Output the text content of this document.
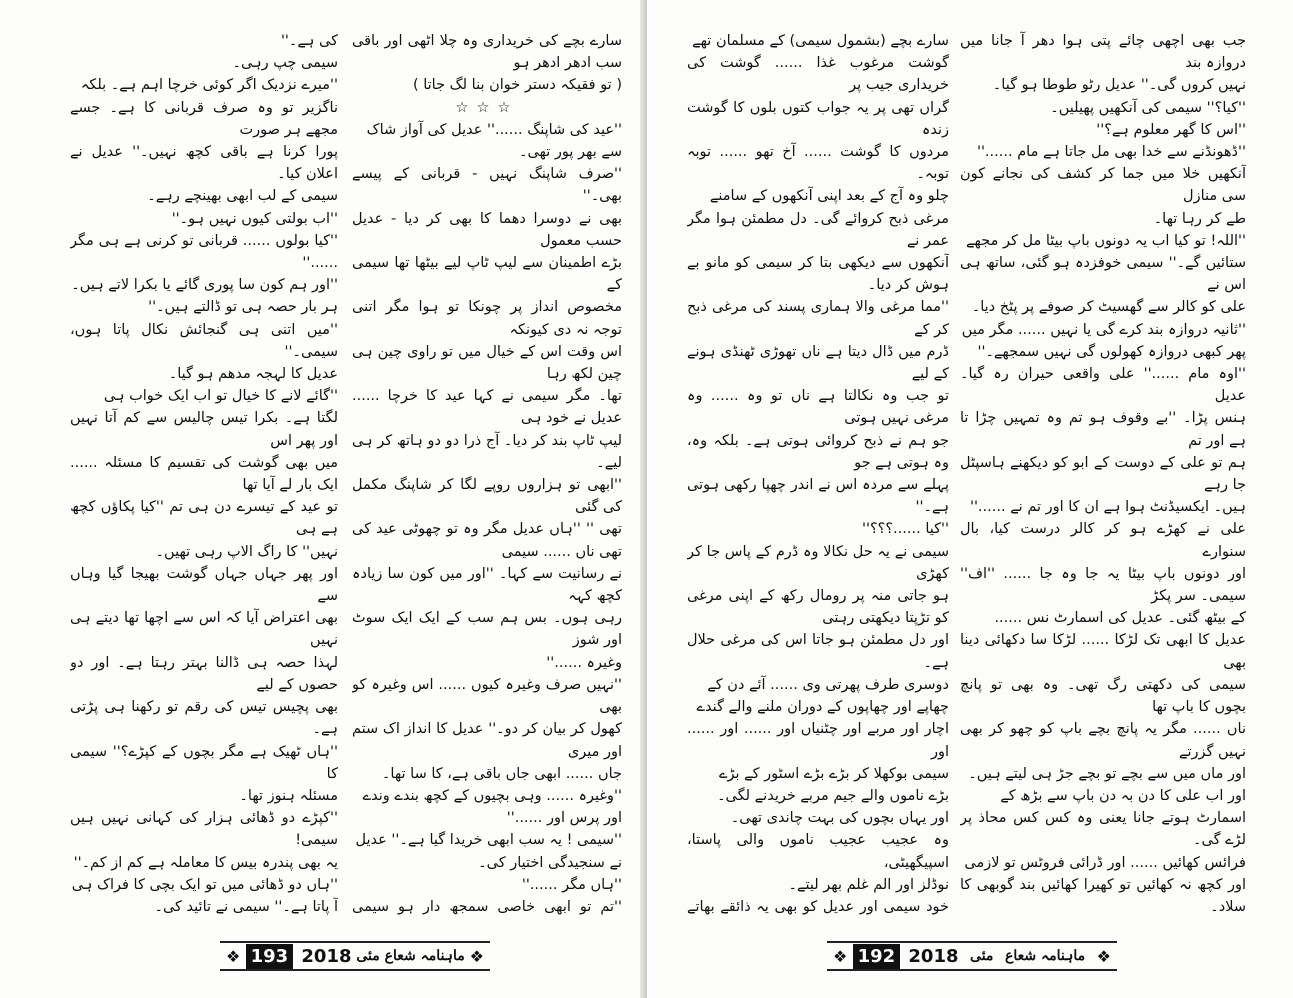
سارے بچے کی خریداری وہ چلا اٹھی اور باقی سب ادھر ادھر ہو

( تو فقیکہ دستر خوان بنا لگ جاتا )

☆☆☆

''عید کی شاپنگ ......'' عدیل کی آواز شاک

سے بھر پور تھی۔

''صرف شاپنگ نہیں - قربانی کے پیسے بھی۔''

بھی نے دوسرا دھما کا بھی کر دیا - عدیل حسب معمول

بڑے اطمینان سے لیپ ٹاپ لیے بیٹھا تھا سیمی کے

مخصوص انداز پر چونکا تو ہوا مگر اتنی توجہ نہ دی کیونکہ

اس وقت اس کے خیال میں تو راوی چین ہی چین لکھ رہا

تھا۔ مگر سیمی نے کہا عید کا خرچا ...... عدیل نے خود ہی

لیپ ٹاپ بند کر دیا۔ آج ذرا دو دو ہاتھ کر ہی لیے۔

''ابھی تو ہزاروں روپے لگا کر شاپنگ مکمل کی گئی

تھی '' ''ہاں عدیل مگر وہ تو چھوٹی عید کی تھی ناں ...... سیمی

نے رسانیت سے کہا۔ ''اور میں کون سا زیادہ کچھ کہہ

رہی ہوں۔ بس ہم سب کے ایک ایک سوٹ اور شوز

وغیرہ ......''

''نہیں صرف وغیرہ کیوں ...... اس وغیرہ کو بھی

کھول کر بیان کر دو۔'' عدیل کا انداز اک ستم اور میری

جاں ...... ابھی جاں باقی ہے، کا سا تھا۔

''وغیرہ ...... وہی بچیوں کے کچھ بندے وندے

اور پرس اور ......''

''سیمی ! یہ سب ابھی خریدا گیا ہے۔'' عدیل

نے سنجیدگی اختیار کی۔

''ہاں مگر ......''

''تم تو ابھی خاصی سمجھ دار ہو سیمی

کی ہے۔''

سیمی چپ رہی۔

''میرے نزدیک اگر کوئی خرچا اہم ہے۔ بلکہ

ناگزیر تو وہ صرف قربانی کا ہے۔ جسے مجھے ہر صورت

پورا کرنا ہے باقی کچھ نہیں۔'' عدیل نے اعلان کیا۔

سیمی کے لب ابھی بھینچے رہے۔

''اب بولتی کیوں نہیں ہو۔''

''کیا بولوں ...... قربانی تو کرنی ہے ہی مگر ......''

''اور ہم کون سا پوری گائے یا بکرا لاتے ہیں۔

ہر بار حصہ ہی تو ڈالتے ہیں۔''

''میں اتنی ہی گنجائش نکال پاتا ہوں، سیمی۔''

عدیل کا لہجہ مدھم ہو گیا۔

''گائے لانے کا خیال تو اب ایک خواب ہی

لگتا ہے۔ بکرا تیس چالیس سے کم آتا نہیں اور پھر اس

میں بھی گوشت کی تقسیم کا مسئلہ ...... ایک بار لے آیا تھا

تو عید کے تیسرے دن ہی تم ''کیا پکاؤں کچھ ہے ہی

نہیں'' کا راگ الاپ رہی تھیں۔

اور پھر جہاں جہاں گوشت بھیجا گیا وہاں سے

بھی اعتراض آیا کہ اس سے اچھا تھا دیتے ہی نہیں

لہذا حصہ ہی ڈالنا بہتر رہتا ہے۔ اور دو حصوں کے لیے

بھی پچیس تیس کی رقم تو رکھنا ہی پڑتی ہے۔

''ہاں ٹھیک ہے مگر بچوں کے کپڑے؟'' سیمی کا

مسئلہ ہنوز تھا۔

''کپڑے دو ڈھائی ہزار کی کہانی نہیں ہیں سیمی!

یہ بھی پندرہ بیس کا معاملہ ہے کم از کم۔''

''ہاں دو ڈھائی میں تو ایک بچی کا فراک ہی

آ پاتا ہے۔'' سیمی نے تائید کی۔

❖ 193 2018 مئی ماہنامہ شعاع ❖

جب بھی اچھی چائے پتی ہوا دھر آ جانا میں دروازہ بند

نہیں کروں گی۔'' عدیل رٹو طوطا ہو گیا۔

''کیا؟'' سیمی کی آنکھیں پھیلیں۔

''اس کا گھر معلوم ہے؟''

''ڈھونڈنے سے خدا بھی مل جاتا ہے مام ......''

آنکھیں خلا میں جما کر کشف کی نجانے کون سی منازل

طے کر رہا تھا۔

''اللہ! تو کیا اب یہ دونوں باپ بیٹا مل کر مجھے

ستائیں گے۔'' سیمی خوفزدہ ہو گئی، ساتھ ہی اس نے

علی کو کالر سے گھسیٹ کر صوفے پر پٹخ دیا۔

''ثانیہ دروازہ بند کرے گی یا نہیں ...... مگر میں

پھر کبھی دروازہ کھولوں گی نہیں سمجھے۔''

''اوہ مام ......'' علی واقعی حیران رہ گیا۔ عدیل

ہنس پڑا۔ ''بے وقوف ہو تم وہ تمہیں چڑا تا ہے اور تم

ہم تو علی کے دوست کے ابو کو دیکھنے ہاسپٹل جا رہے

ہیں۔ ایکسیڈنٹ ہوا ہے ان کا اور تم نے ......''

علی نے کھڑے ہو کر کالر درست کیا، بال سنوارے

اور دونوں باپ بیٹا یہ جا وہ جا ...... ''اف'' سیمی۔ سر پکڑ

کے بیٹھ گئی۔ عدیل کی اسمارٹ نس ......

عدیل کا ابھی تک لڑکا ...... لڑکا سا دکھائی دینا بھی

سیمی کی دکھتی رگ تھی۔ وہ بھی تو پانچ بچوں کا باپ تھا

ناں ...... مگر یہ پانچ بچے باپ کو چھو کر بھی نہیں گزرتے

اور ماں میں سے بچے تو بچے جڑ ہی لیتے ہیں۔

اور اب علی کا دن بہ دن باپ سے بڑھ کے

اسمارٹ ہوتے جانا یعنی وہ کس کس محاذ پر لڑے گی۔

فرائس کھائیں ...... اور ڈرائی فروٹس تو لازمی

اور کچھ نہ کھائیں تو کھیرا کھائیں بند گوبھی کا سلاد۔

سارے بچے (بشمول سیمی) کے مسلمان تھے

گوشت مرغوب غذا ...... گوشت کی خریداری جیب پر

گراں تھی پر یہ جواب کتوں بلوں کا گوشت زندہ

مردوں کا گوشت ...... آخ تھو ...... توبہ توبہ۔

چلو وہ آج کے بعد اپنی آنکھوں کے سامنے

مرغی ذبح کروائے گی۔ دل مطمئن ہوا مگر عمر نے

آنکھوں سے دیکھی بتا کر سیمی کو مانو بے ہوش کر دیا۔

''مما مرغی والا ہماری پسند کی مرغی ذبح کر کے

ڈرم میں ڈال دیتا ہے ناں تھوڑی ٹھنڈی ہونے کے لیے

تو جب وہ نکالتا ہے ناں تو وہ ...... وہ مرغی نہیں ہوتی

جو ہم نے ذبح کروائی ہوتی ہے۔ بلکہ وہ، وہ ہوتی ہے جو

پہلے سے مردہ اس نے اندر چھپا رکھی ہوتی ہے۔''

''کیا ......؟؟؟''

سیمی نے یہ حل نکالا وہ ڈرم کے پاس جا کر کھڑی

ہو جاتی منہ پر رومال رکھ کے اپنی مرغی کو تڑپتا دیکھتی رہتی

اور دل مطمئن ہو جاتا اس کی مرغی حلال ہے۔

دوسری طرف پھرتی وی ...... آئے دن کے

چھاپے اور چھاپوں کے دوران ملنے والے گندے

اچار اور مربے اور چٹنیاں اور ...... اور ...... اور

سیمی بوکھلا کر بڑے بڑے اسٹور کے بڑے

بڑے ناموں والے جیم مربے خریدنے لگی۔

اور یہاں بچوں کی بہت چاندی تھی۔

وہ عجیب عجیب ناموں والی پاستا، اسپیگھیٹی،

نوڈلز اور الم غلم بھر لیتے۔

خود سیمی اور عدیل کو بھی یہ ذائقے بھاتے

❖ 192 2018 مئی ماہنامہ شعاع ❖
